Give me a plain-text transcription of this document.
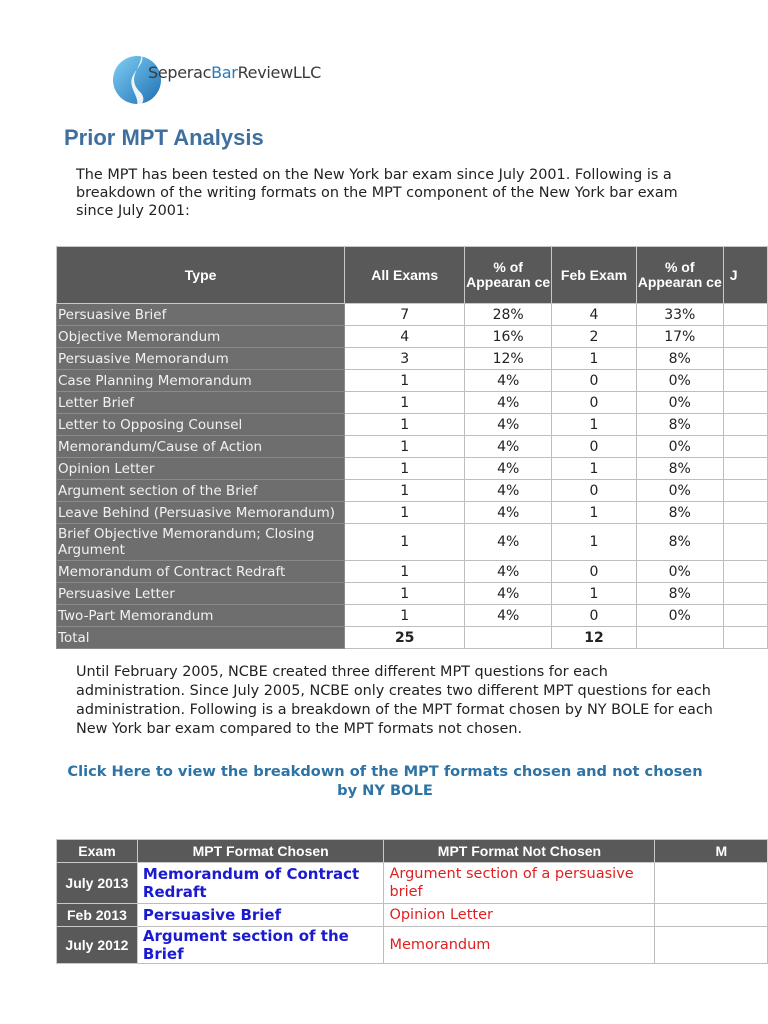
SeperacBarReviewLLC
Prior MPT Analysis
The MPT has been tested on the New York bar exam since July 2001. Following is a breakdown of the writing formats on the MPT component of the New York bar exam since July 2001:
Type	All Exams	% of Appearan ce	Feb Exam	% of Appearan ce	J
Persuasive Brief	7	28%	4	33%	
Objective Memorandum	4	16%	2	17%	
Persuasive Memorandum	3	12%	1	8%	
Case Planning Memorandum	1	4%	0	0%	
Letter Brief	1	4%	0	0%	
Letter to Opposing Counsel	1	4%	1	8%	
Memorandum/Cause of Action	1	4%	0	0%	
Opinion Letter	1	4%	1	8%	
Argument section of the Brief	1	4%	0	0%	
Leave Behind (Persuasive Memorandum)	1	4%	1	8%	
Brief Objective Memorandum; Closing Argument	1	4%	1	8%	
Memorandum of Contract Redraft	1	4%	0	0%	
Persuasive Letter	1	4%	1	8%	
Two-Part Memorandum	1	4%	0	0%	
Total	25		12		
Until February 2005, NCBE created three different MPT questions for each administration. Since July 2005, NCBE only creates two different MPT questions for each administration. Following is a breakdown of the MPT format chosen by NY BOLE for each New York bar exam compared to the MPT formats not chosen.
Click Here to view the breakdown of the MPT formats chosen and not chosen by NY BOLE
Exam	MPT Format Chosen	MPT Format Not Chosen	M
July 2013	Memorandum of Contract Redraft	Argument section of a persuasive brief	
Feb 2013	Persuasive Brief	Opinion Letter	
July 2012	Argument section of the Brief	Memorandum	
